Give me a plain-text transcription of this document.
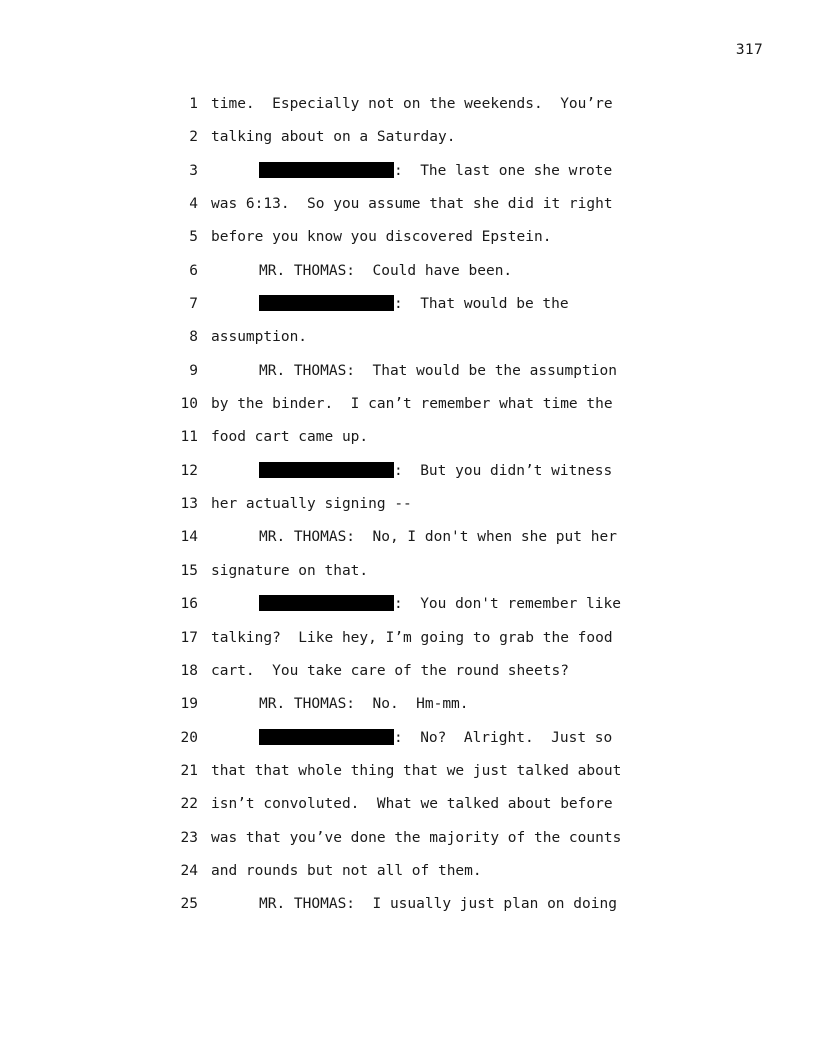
317
1 time.  Especially not on the weekends.  You’re
2 talking about on a Saturday.
3	:  The last one she wrote
4 was 6:13.  So you assume that she did it right
5 before you know you discovered Epstein.
6	MR. THOMAS:  Could have been.
7	:  That would be the
8 assumption.
9	MR. THOMAS:  That would be the assumption
10 by the binder.  I can’t remember what time the
11 food cart came up.
12	:  But you didn’t witness
13 her actually signing --
14	MR. THOMAS:  No, I don't when she put her
15 signature on that.
16	:  You don't remember like
17 talking?  Like hey, I’m going to grab the food
18 cart.  You take care of the round sheets?
19	MR. THOMAS:  No.  Hm-mm.
20	:  No?  Alright.  Just so
21 that that whole thing that we just talked about
22 isn’t convoluted.  What we talked about before
23 was that you’ve done the majority of the counts
24 and rounds but not all of them.
25	MR. THOMAS:  I usually just plan on doing
